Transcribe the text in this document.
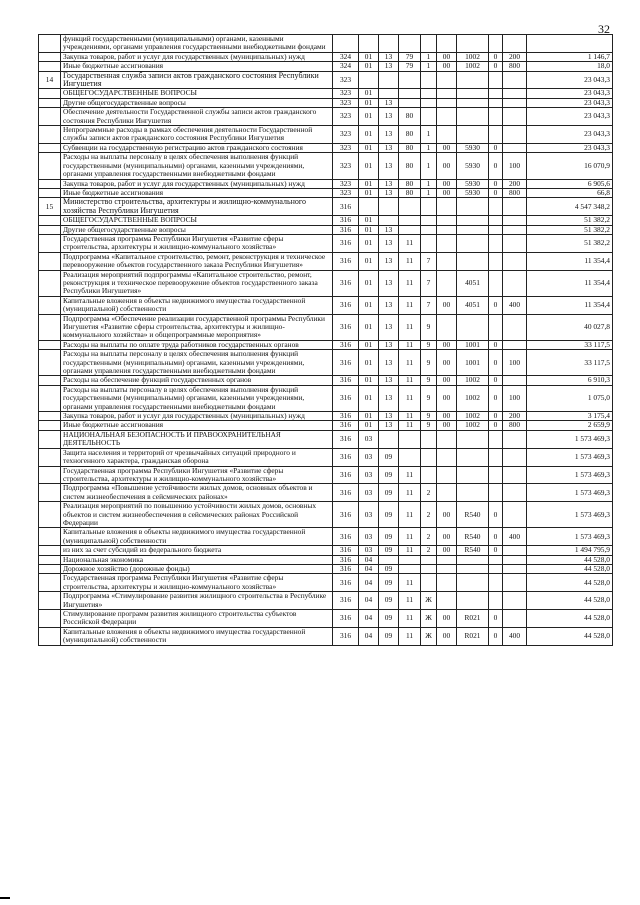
32
	функций государственными (муниципальными) органами, казенными учреждениями, органами управления государственными внебюджетными фондами										
	Закупка товаров, работ и услуг для государственных (муниципальных) нужд	324	01	13	79	1	00	1002	0	200	1 146,7
	Иные бюджетные ассигнования	324	01	13	79	1	00	1002	0	800	18,0
14	Государственная служба записи актов гражданского состояния Республики Ингушетия	323									23 043,3
	ОБЩЕГОСУДАРСТВЕННЫЕ ВОПРОСЫ	323	01								23 043,3
	Другие общегосударственные вопросы	323	01	13							23 043,3
	Обеспечение деятельности Государственной службы записи актов гражданского состояния Республики Ингушетия	323	01	13	80						23 043,3
	Непрограммные расходы в рамках обеспечения деятельности Государственной службы записи актов гражданского состояния Республики Ингушетия	323	01	13	80	1					23 043,3
	Субвенции на государственную регистрацию актов гражданского состояния	323	01	13	80	1	00	5930	0		23 043,3
	Расходы на выплаты персоналу в целях обеспечения выполнения функций государственными (муниципальными) органами, казенными учреждениями, органами управления государственными внебюджетными фондами	323	01	13	80	1	00	5930	0	100	16 070,9
	Закупка товаров, работ и услуг для государственных (муниципальных) нужд	323	01	13	80	1	00	5930	0	200	6 905,6
	Иные бюджетные ассигнования	323	01	13	80	1	00	5930	0	800	66,8
15	Министерство строительства, архитектуры и жилищно-коммунального хозяйства Республики Ингушетия	316									4 547 348,2
	ОБЩЕГОСУДАРСТВЕННЫЕ ВОПРОСЫ	316	01								51 382,2
	Другие общегосударственные вопросы	316	01	13							51 382,2
	Государственная программа Республики Ингушетия «Развитие сферы строительства, архитектуры и жилищно-коммунального хозяйства»	316	01	13	11						51 382,2
	Подпрограмма «Капитальное строительство, ремонт, реконструкция и техническое перевооружение объектов государственного заказа Республики Ингушетия»	316	01	13	11	7					11 354,4
	Реализация мероприятий подпрограммы «Капитальное строительство, ремонт, реконструкция и техническое перевооружение объектов государственного заказа Республики Ингушетия»	316	01	13	11	7		4051			11 354,4
	Капитальные вложения в объекты недвижимого имущества государственной (муниципальной) собственности	316	01	13	11	7	00	4051	0	400	11 354,4
	Подпрограмма «Обеспечение реализации государственной программы Республики Ингушетия «Развитие сферы строительства, архитектуры и жилищно-коммунального хозяйства» и общепрограммные мероприятия»	316	01	13	11	9					40 027,8
	Расходы на выплаты по оплате труда работников государственных органов	316	01	13	11	9	00	1001	0		33 117,5
	Расходы на выплаты персоналу в целях обеспечения выполнения функций государственными (муниципальными) органами, казенными учреждениями, органами управления государственными внебюджетными фондами	316	01	13	11	9	00	1001	0	100	33 117,5
	Расходы на обеспечение функций государственных органов	316	01	13	11	9	00	1002	0		6 910,3
	Расходы на выплаты персоналу в целях обеспечения выполнения функций государственными (муниципальными) органами, казенными учреждениями, органами управления государственными внебюджетными фондами	316	01	13	11	9	00	1002	0	100	1 075,0
	Закупка товаров, работ и услуг для государственных (муниципальных) нужд	316	01	13	11	9	00	1002	0	200	3 175,4
	Иные бюджетные ассигнования	316	01	13	11	9	00	1002	0	800	2 659,9
	НАЦИОНАЛЬНАЯ БЕЗОПАСНОСТЬ И ПРАВООХРАНИТЕЛЬНАЯ ДЕЯТЕЛЬНОСТЬ	316	03								1 573 469,3
	Защита населения и территорий от чрезвычайных ситуаций природного и техногенного характера, гражданская оборона	316	03	09							1 573 469,3
	Государственная программа Республики Ингушетия «Развитие сферы строительства, архитектуры и жилищно-коммунального хозяйства»	316	03	09	11						1 573 469,3
	Подпрограмма «Повышение устойчивости жилых домов, основных объектов и систем жизнеобеспечения в сейсмических районах»	316	03	09	11	2					1 573 469,3
	Реализация мероприятий по повышению устойчивости жилых домов, основных объектов и систем жизнеобеспечения в сейсмических районах Российской Федерации	316	03	09	11	2	00	R540	0		1 573 469,3
	Капитальные вложения в объекты недвижимого имущества государственной (муниципальной) собственности	316	03	09	11	2	00	R540	0	400	1 573 469,3
	из них за счет субсидий из федерального бюджета	316	03	09	11	2	00	R540	0		1 494 795,9
	Национальная экономика	316	04								44 528,0
	Дорожное хозяйство (дорожные фонды)	316	04	09							44 528,0
	Государственная программа Республики Ингушетия «Развитие сферы строительства, архитектуры и жилищно-коммунального хозяйства»	316	04	09	11						44 528,0
	Подпрограмма «Стимулирование развития жилищного строительства в Республике Ингушетия»	316	04	09	11	Ж					44 528,0
	Стимулирование программ развития жилищного строительства субъектов Российской Федерации	316	04	09	11	Ж	00	R021	0		44 528,0
	Капитальные вложения в объекты недвижимого имущества государственной (муниципальной) собственности	316	04	09	11	Ж	00	R021	0	400	44 528,0
